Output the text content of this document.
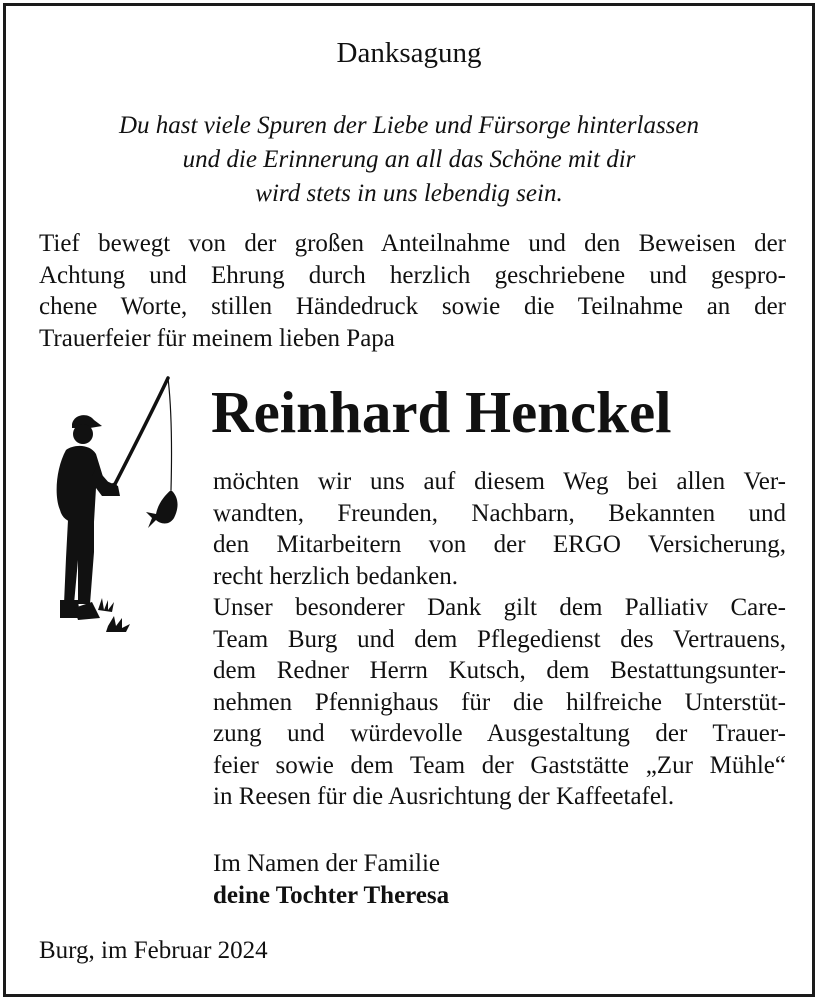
Danksagung
Du hast viele Spuren der Liebe und Fürsorge hinterlassen
und die Erinnerung an all das Schöne mit dir
wird stets in uns lebendig sein.
Tief bewegt von der großen Anteilnahme und den Beweisen der
Achtung und Ehrung durch herzlich geschriebene und gespro-
chene Worte, stillen Händedruck sowie die Teilnahme an der
Trauerfeier für meinem lieben Papa
Reinhard Henckel
möchten wir uns auf diesem Weg bei allen Ver-
wandten, Freunden, Nachbarn, Bekannten und
den Mitarbeitern von der ERGO Versicherung,
recht herzlich bedanken.
Unser besonderer Dank gilt dem Palliativ Care-
Team Burg und dem Pflegedienst des Vertrauens,
dem Redner Herrn Kutsch, dem Bestattungsunter-
nehmen Pfennighaus für die hilfreiche Unterstüt-
zung und würdevolle Ausgestaltung der Trauer-
feier sowie dem Team der Gaststätte „Zur Mühle“
in Reesen für die Ausrichtung der Kaffeetafel.
Im Namen der Familie
deine Tochter Theresa
Burg, im Februar 2024
